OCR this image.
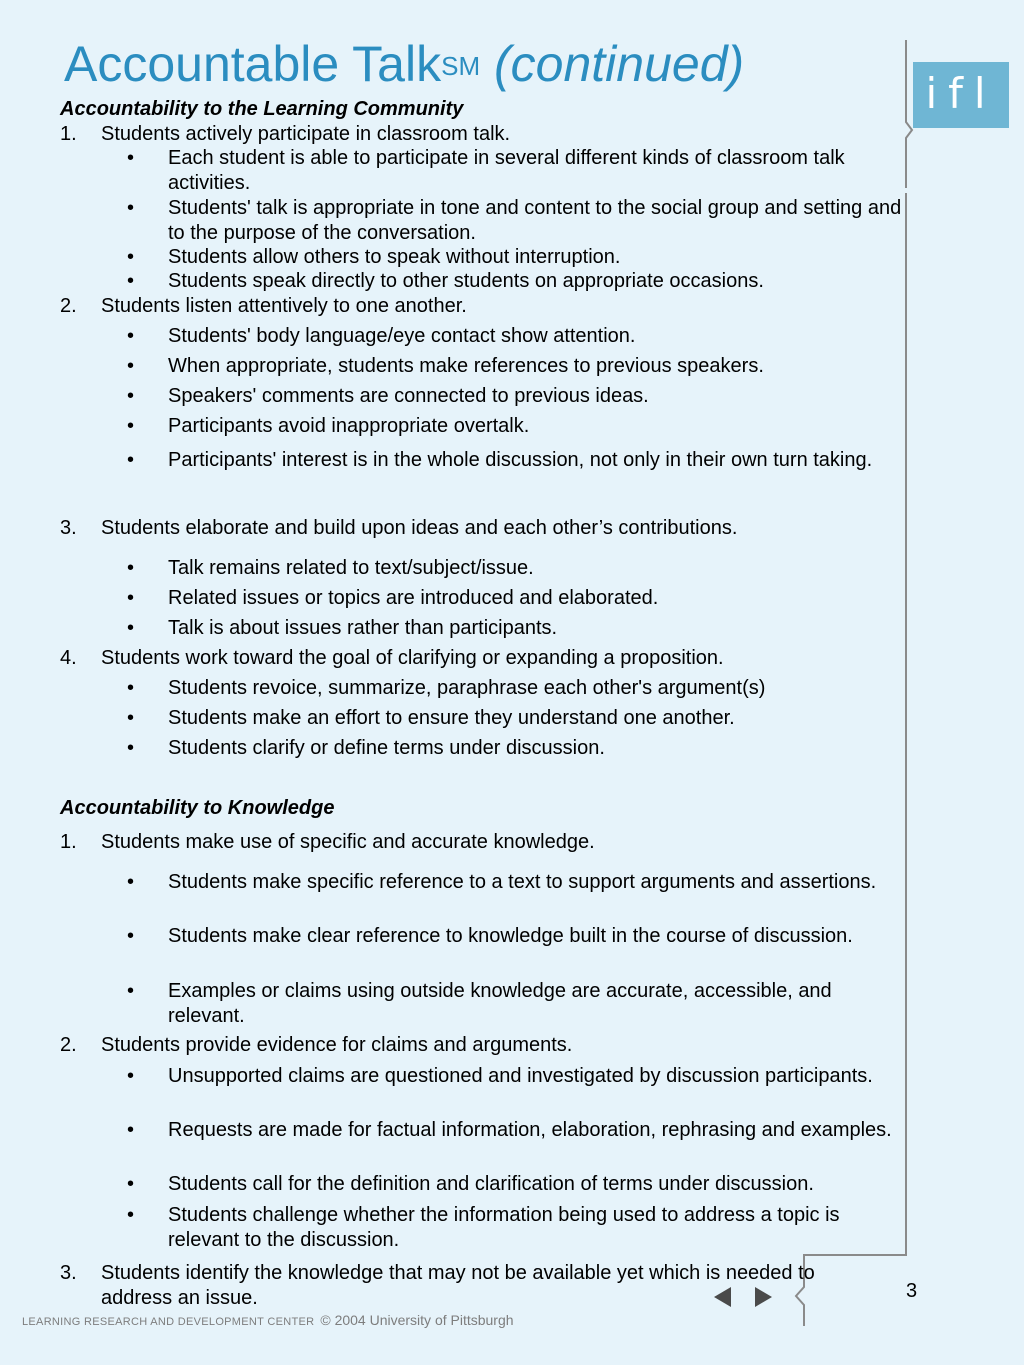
Accountable Talk℠ (continued)
ifl
Accountability to the Learning Community
1. Students actively participate in classroom talk.
• Each student is able to participate in several different kinds of classroom talk activities.
• Students' talk is appropriate in tone and content to the social group and setting and to the purpose of the conversation.
• Students allow others to speak without interruption.
• Students speak directly to other students on appropriate occasions.
2. Students listen attentively to one another.
• Students' body language/eye contact show attention.
• When appropriate, students make references to previous speakers.
• Speakers' comments are connected to previous ideas.
• Participants avoid inappropriate overtalk.
• Participants' interest is in the whole discussion, not only in their own turn taking.
3. Students elaborate and build upon ideas and each other’s contributions.
• Talk remains related to text/subject/issue.
• Related issues or topics are introduced and elaborated.
• Talk is about issues rather than participants.
4. Students work toward the goal of clarifying or expanding a proposition.
• Students revoice, summarize, paraphrase each other's argument(s)
• Students make an effort to ensure they understand one another.
• Students clarify or define terms under discussion.
Accountability to Knowledge
1. Students make use of specific and accurate knowledge.
• Students make specific reference to a text to support arguments and assertions.
• Students make clear reference to knowledge built in the course of discussion.
• Examples or claims using outside knowledge are accurate, accessible, and relevant.
2. Students provide evidence for claims and arguments.
• Unsupported claims are questioned and investigated by discussion participants.
• Requests are made for factual information, elaboration, rephrasing and examples.
• Students call for the definition and clarification of terms under discussion.
• Students challenge whether the information being used to address a topic is relevant to the discussion.
3. Students identify the knowledge that may not be available yet which is needed to address an issue.	3
LEARNING RESEARCH AND DEVELOPMENT CENTER © 2004 University of Pittsburgh
